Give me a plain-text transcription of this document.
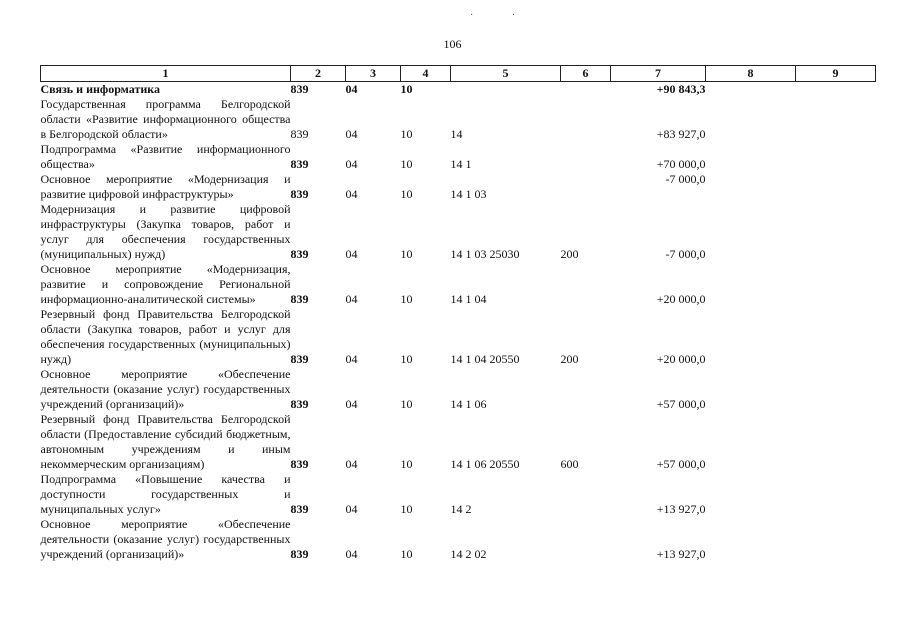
· ·
106
1	2	3	4	5	6	7	8	9
Связь и информатика	839	04	10			+90 843,3		
Государственная программа Белгородской области «Развитие информационного общества в Белгородской области»	839	04	10	14		+83 927,0		
Подпрограмма «Развитие информационного общества»	839	04	10	14 1		+70 000,0		
Основное мероприятие «Модернизация и развитие цифровой инфраструктуры»	839	04	10	14 1 03		-7 000,0		
Модернизация и развитие цифровой инфраструктуры (Закупка товаров, работ и услуг для обеспечения государственных (муниципальных) нужд)	839	04	10	14 1 03 25030	200	-7 000,0		
Основное мероприятие «Модернизация, развитие и сопровождение Региональной информационно-аналитической системы»	839	04	10	14 1 04		+20 000,0		
Резервный фонд Правительства Белгородской области (Закупка товаров, работ и услуг для обеспечения государственных (муниципальных) нужд)	839	04	10	14 1 04 20550	200	+20 000,0		
Основное мероприятие «Обеспечение деятельности (оказание услуг) государственных учреждений (организаций)»	839	04	10	14 1 06		+57 000,0		
Резервный фонд Правительства Белгородской области (Предоставление субсидий бюджетным, автономным учреждениям и иным некоммерческим организациям)	839	04	10	14 1 06 20550	600	+57 000,0		
Подпрограмма «Повышение качества и доступности государственных и муниципальных услуг»	839	04	10	14 2		+13 927,0		
Основное мероприятие «Обеспечение деятельности (оказание услуг) государственных учреждений (организаций)»	839	04	10	14 2 02		+13 927,0		
